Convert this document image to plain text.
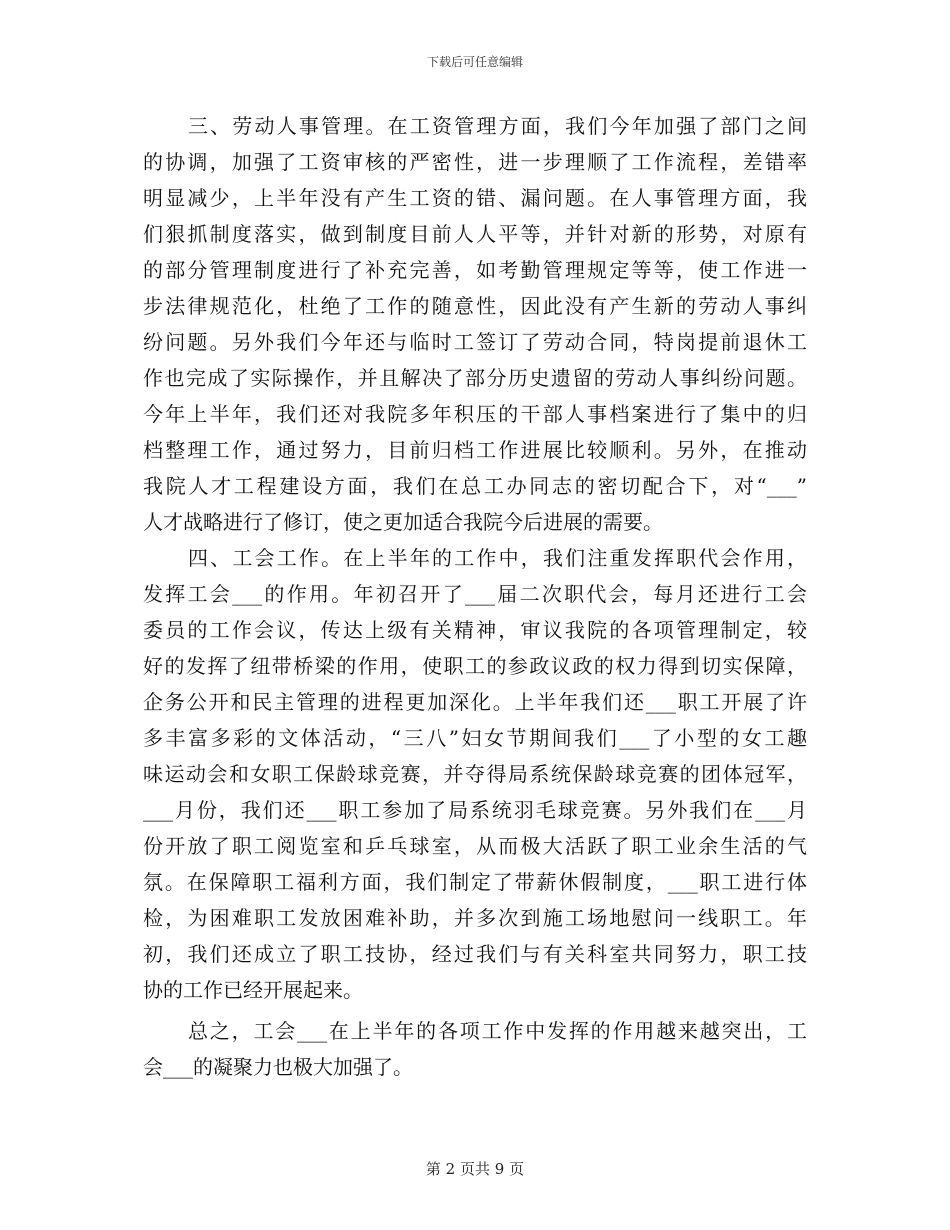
下载后可任意编辑
三、劳动人事管理。在工资管理方面，我们今年加强了部门之间
的协调，加强了工资审核的严密性，进一步理顺了工作流程，差错率
明显减少，上半年没有产生工资的错、漏问题。在人事管理方面，我
们狠抓制度落实，做到制度目前人人平等，并针对新的形势，对原有
的部分管理制度进行了补充完善，如考勤管理规定等等，使工作进一
步法律规范化，杜绝了工作的随意性，因此没有产生新的劳动人事纠
纷问题。另外我们今年还与临时工签订了劳动合同，特岗提前退休工
作也完成了实际操作，并且解决了部分历史遗留的劳动人事纠纷问题。
今年上半年，我们还对我院多年积压的干部人事档案进行了集中的归
档整理工作，通过努力，目前归档工作进展比较顺利。另外，在推动
我院人才工程建设方面，我们在总工办同志的密切配合下，对“___”
人才战略进行了修订，使之更加适合我院今后进展的需要。
四、工会工作。在上半年的工作中，我们注重发挥职代会作用，
发挥工会___的作用。年初召开了___届二次职代会，每月还进行工会
委员的工作会议，传达上级有关精神，审议我院的各项管理制定，较
好的发挥了纽带桥梁的作用，使职工的参政议政的权力得到切实保障，
企务公开和民主管理的进程更加深化。上半年我们还___职工开展了许
多丰富多彩的文体活动，“三八”妇女节期间我们___了小型的女工趣
味运动会和女职工保龄球竞赛，并夺得局系统保龄球竞赛的团体冠军，
___月份，我们还___职工参加了局系统羽毛球竞赛。另外我们在___月
份开放了职工阅览室和乒乓球室，从而极大活跃了职工业余生活的气
氛。在保障职工福利方面，我们制定了带薪休假制度，___职工进行体
检，为困难职工发放困难补助，并多次到施工场地慰问一线职工。年
初，我们还成立了职工技协，经过我们与有关科室共同努力，职工技
协的工作已经开展起来。
总之，工会___在上半年的各项工作中发挥的作用越来越突出，工
会___的凝聚力也极大加强了。
第 2 页共 9 页
